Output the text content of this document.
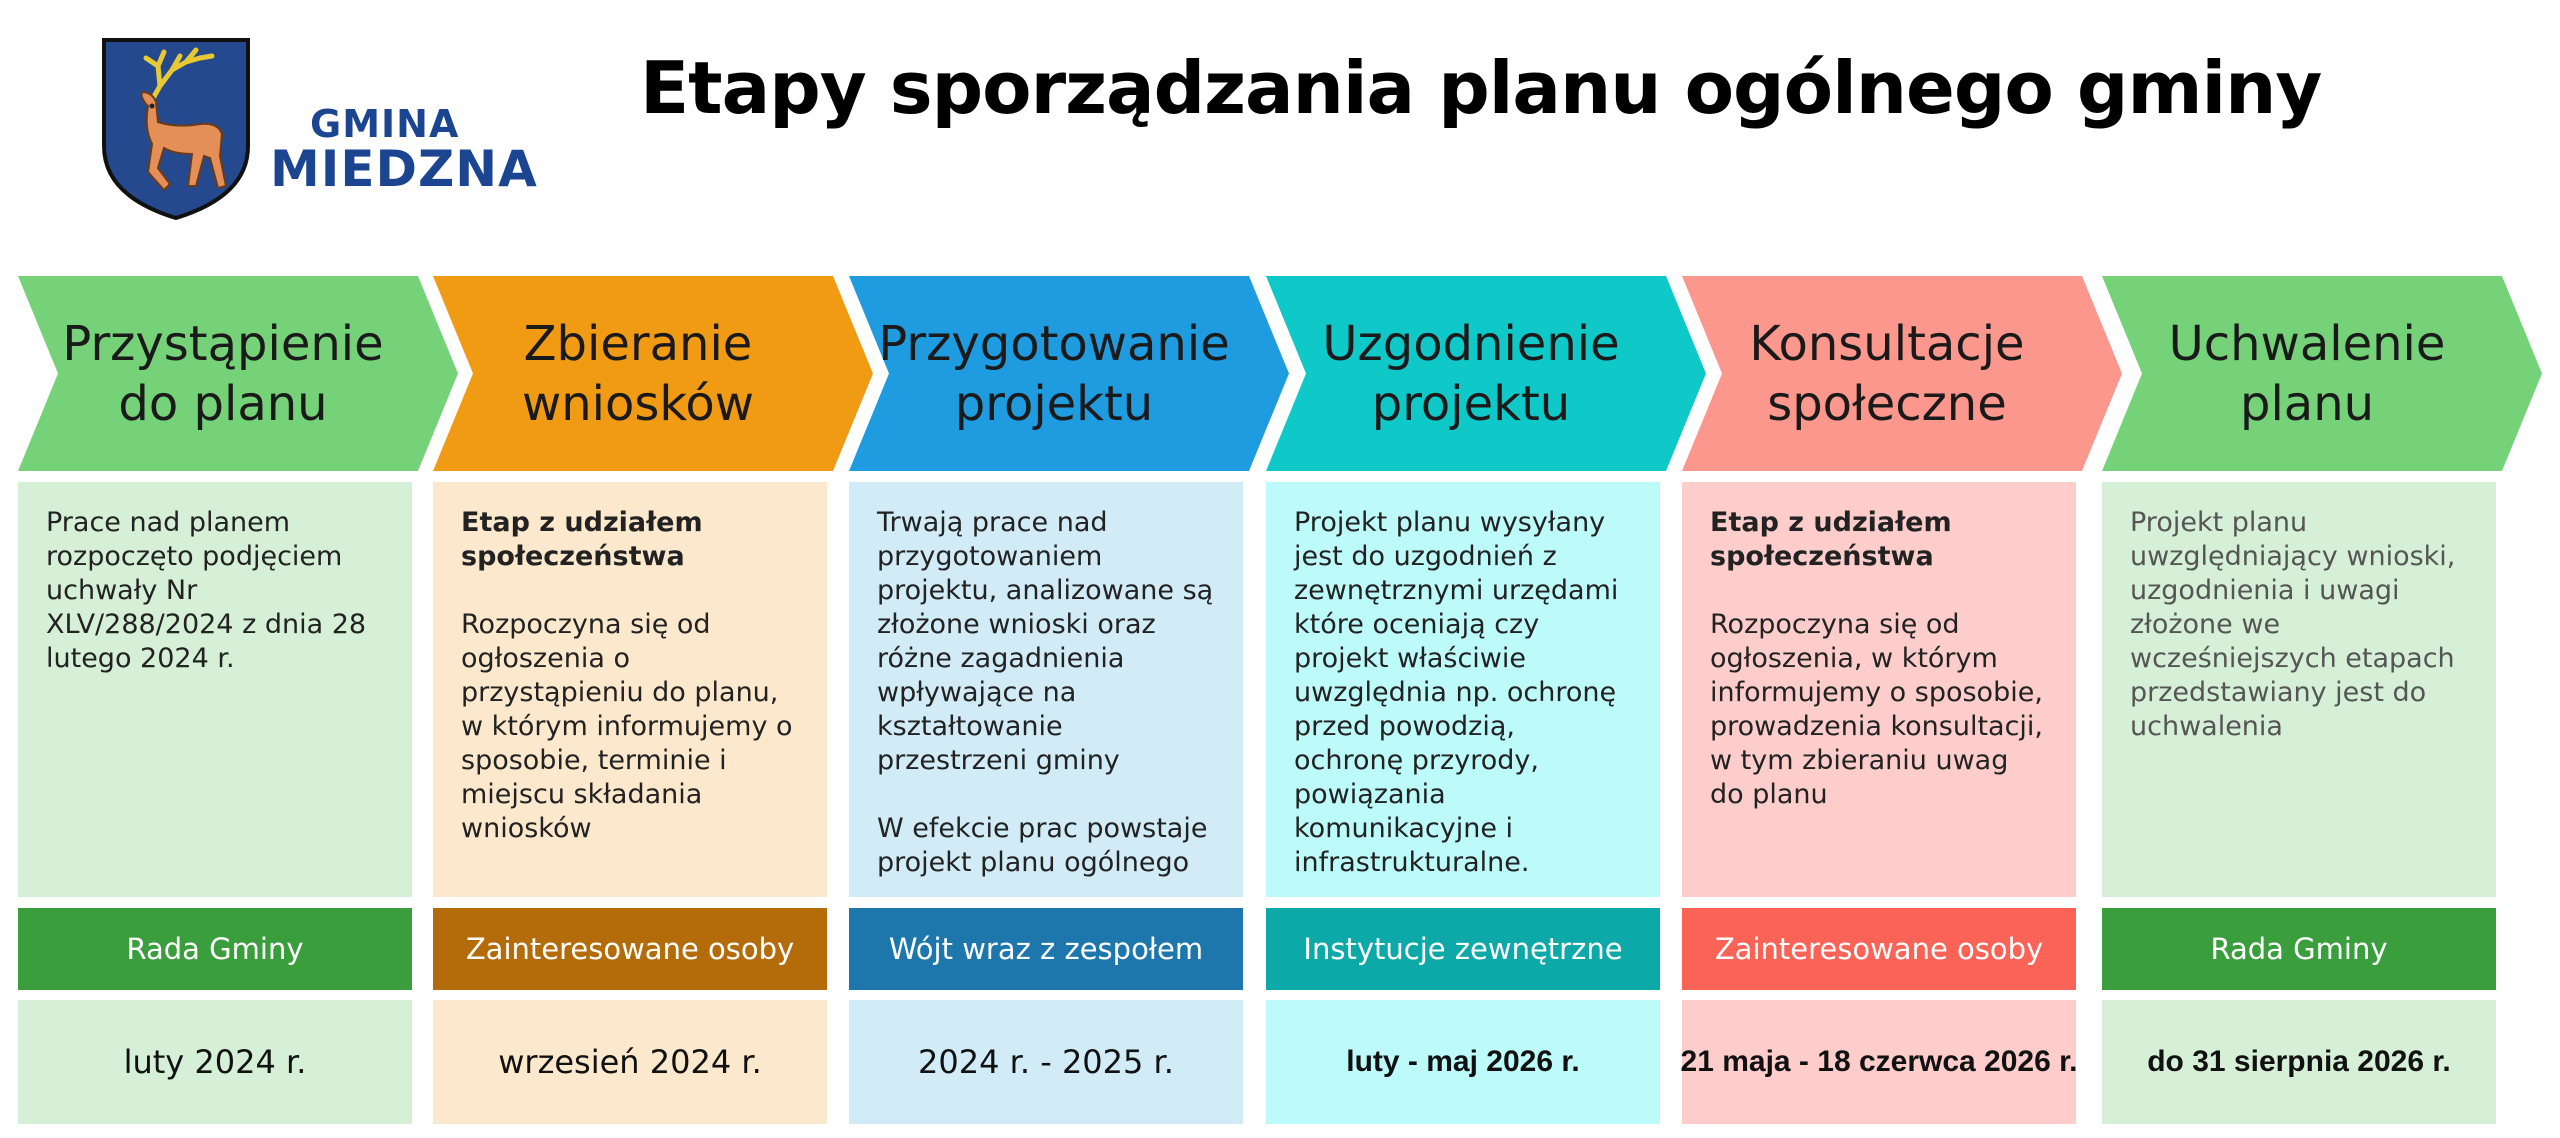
GMINA
MIEDZNA
Etapy sporządzania planu ogólnego gminy
Przystąpienie
do planu
Prace nad planem rozpoczęto podjęciem uchwały Nr XLV/288/2024 z dnia 28 lutego 2024 r.
Rada Gminy
luty 2024 r.
Zbieranie
wniosków
Etap z udziałem społeczeństwa
Rozpoczyna się od ogłoszenia o przystąpieniu do planu, w którym informujemy o sposobie, terminie i miejscu składania wniosków
Zainteresowane osoby
wrzesień 2024 r.
Przygotowanie
projektu
Trwają prace nad przygotowaniem projektu, analizowane są złożone wnioski oraz różne zagadnienia wpływające na kształtowanie przestrzeni gminy
W efekcie prac powstaje projekt planu ogólnego
Wójt wraz z zespołem
2024 r. - 2025 r.
Uzgodnienie
projektu
Projekt planu wysyłany jest do uzgodnień z zewnętrznymi urzędami które oceniają czy projekt właściwie uwzględnia np. ochronę przed powodzią, ochronę przyrody, powiązania komunikacyjne i infrastrukturalne.
Instytucje zewnętrzne
luty - maj 2026 r.
Konsultacje
społeczne
Etap z udziałem społeczeństwa
Rozpoczyna się od ogłoszenia, w którym informujemy o sposobie, prowadzenia konsultacji, w tym zbieraniu uwag do planu
Zainteresowane osoby
21 maja - 18 czerwca 2026 r.
Uchwalenie
planu
Projekt planu uwzględniający wnioski, uzgodnienia i uwagi złożone we wcześniejszych etapach przedstawiany jest do uchwalenia
Rada Gminy
do 31 sierpnia 2026 r.
